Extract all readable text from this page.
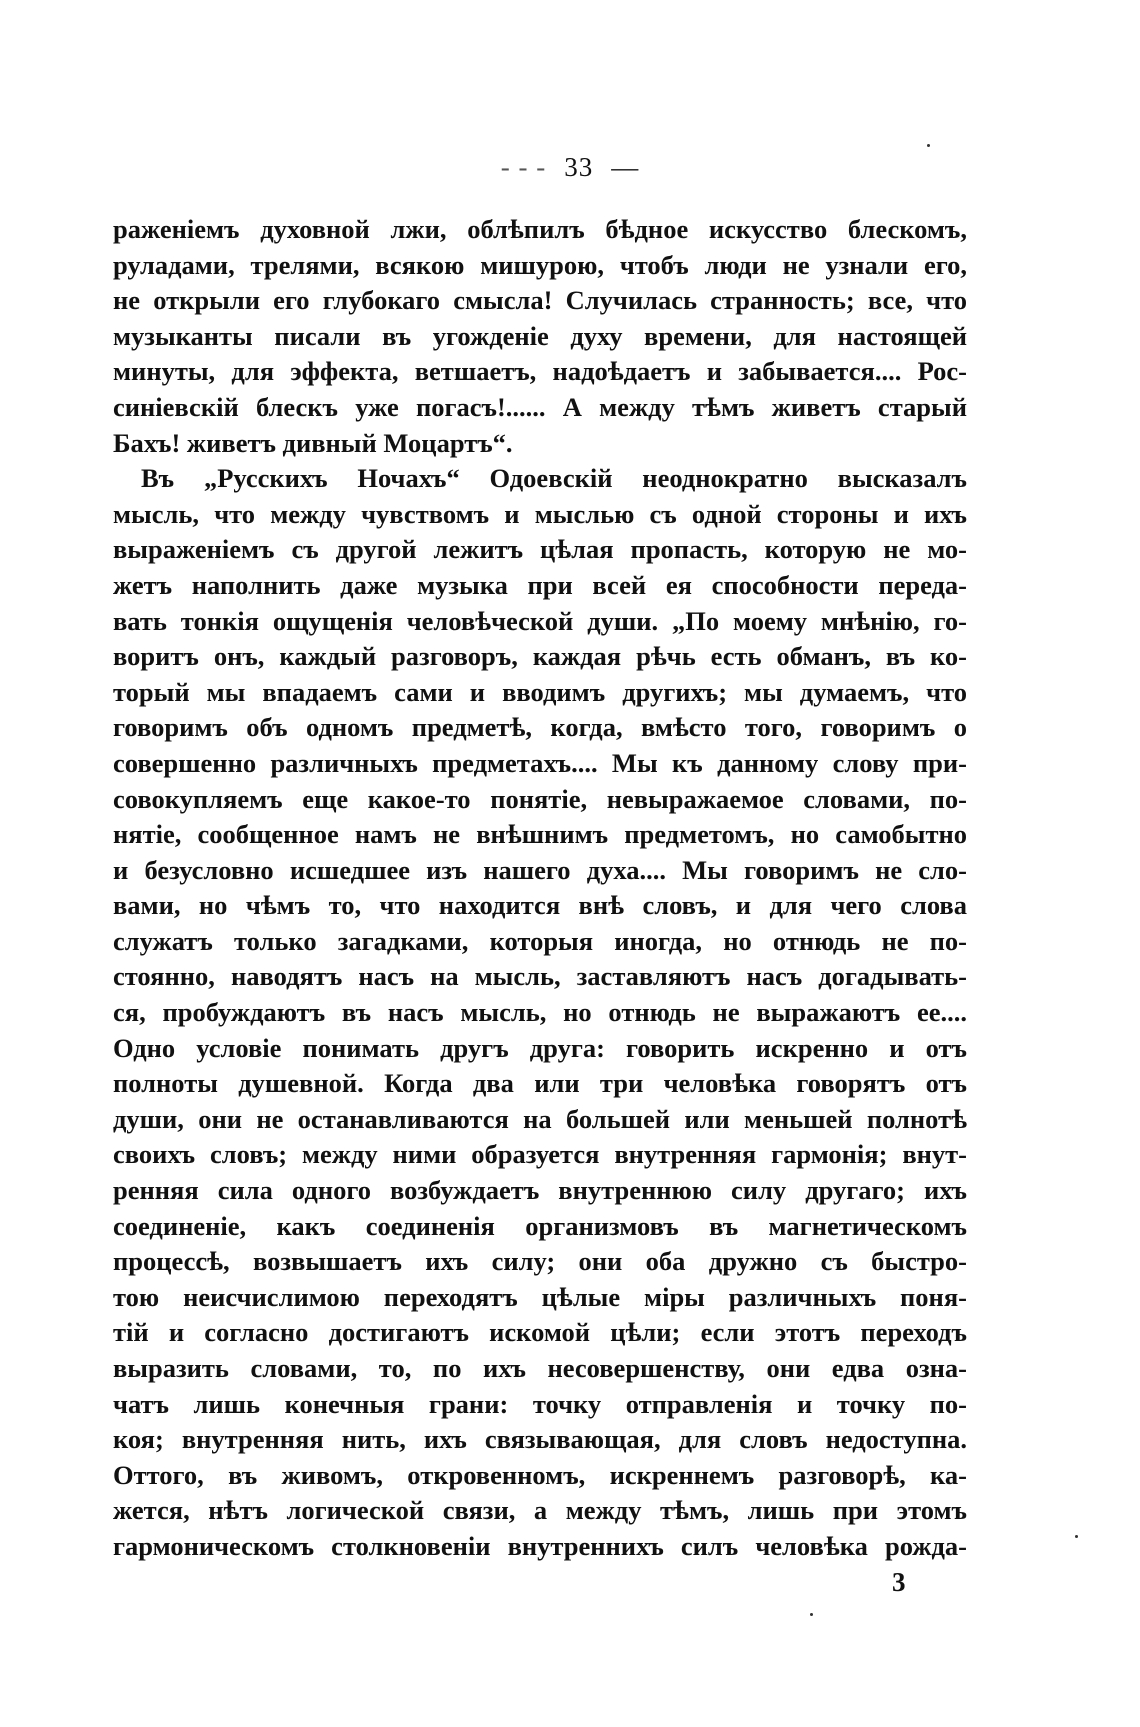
- - - 33 —
раженіемъ духовной лжи, облѣпилъ бѣдное искусство блескомъ,
руладами, трелями, всякою мишурою, чтобъ люди не узнали его,
не открыли его глубокаго смысла! Случилась странность; все, что
музыканты писали въ угожденіе духу времени, для настоящей
минуты, для эффекта, ветшаетъ, надоѣдаетъ и забывается.... Рос-
синіевскій блескъ уже погасъ!...... А между тѣмъ живетъ старый
Бахъ! живетъ дивный Моцартъ“.
Въ „Русскихъ Ночахъ“ Одоевскій неоднократно высказалъ
мысль, что между чувствомъ и мыслью съ одной стороны и ихъ
выраженіемъ съ другой лежитъ цѣлая пропасть, которую не мо-
жетъ наполнить даже музыка при всей ея способности переда-
вать тонкія ощущенія человѣческой души. „По моему мнѣнію, го-
воритъ онъ, каждый разговоръ, каждая рѣчь есть обманъ, въ ко-
торый мы впадаемъ сами и вводимъ другихъ; мы думаемъ, что
говоримъ объ одномъ предметѣ, когда, вмѣсто того, говоримъ о
совершенно различныхъ предметахъ.... Мы къ данному слову при-
совокупляемъ еще какое-то понятіе, невыражаемое словами, по-
нятіе, сообщенное намъ не внѣшнимъ предметомъ, но самобытно
и безусловно исшедшее изъ нашего духа.... Мы говоримъ не сло-
вами, но чѣмъ то, что находится внѣ словъ, и для чего слова
служатъ только загадками, которыя иногда, но отнюдь не по-
стоянно, наводятъ насъ на мысль, заставляютъ насъ догадывать-
ся, пробуждаютъ въ насъ мысль, но отнюдь не выражаютъ ее....
Одно условіе понимать другъ друга: говорить искренно и отъ
полноты душевной. Когда два или три человѣка говорятъ отъ
души, они не останавливаются на большей или меньшей полнотѣ
своихъ словъ; между ними образуется внутренняя гармонія; внут-
ренняя сила одного возбуждаетъ внутреннюю силу другаго; ихъ
соединеніе, какъ соединенія организмовъ въ магнетическомъ
процессѣ, возвышаетъ ихъ силу; они оба дружно съ быстро-
тою неисчислимою переходятъ цѣлые міры различныхъ поня-
тій и согласно достигаютъ искомой цѣли; если этотъ переходъ
выразить словами, то, по ихъ несовершенству, они едва озна-
чатъ лишь конечныя грани: точку отправленія и точку по-
коя; внутренняя нить, ихъ связывающая, для словъ недоступна.
Оттого, въ живомъ, откровенномъ, искреннемъ разговорѣ, ка-
жется, нѣтъ логической связи, а между тѣмъ, лишь при этомъ
гармоническомъ столкновеніи внутреннихъ силъ человѣка рожда-
3
